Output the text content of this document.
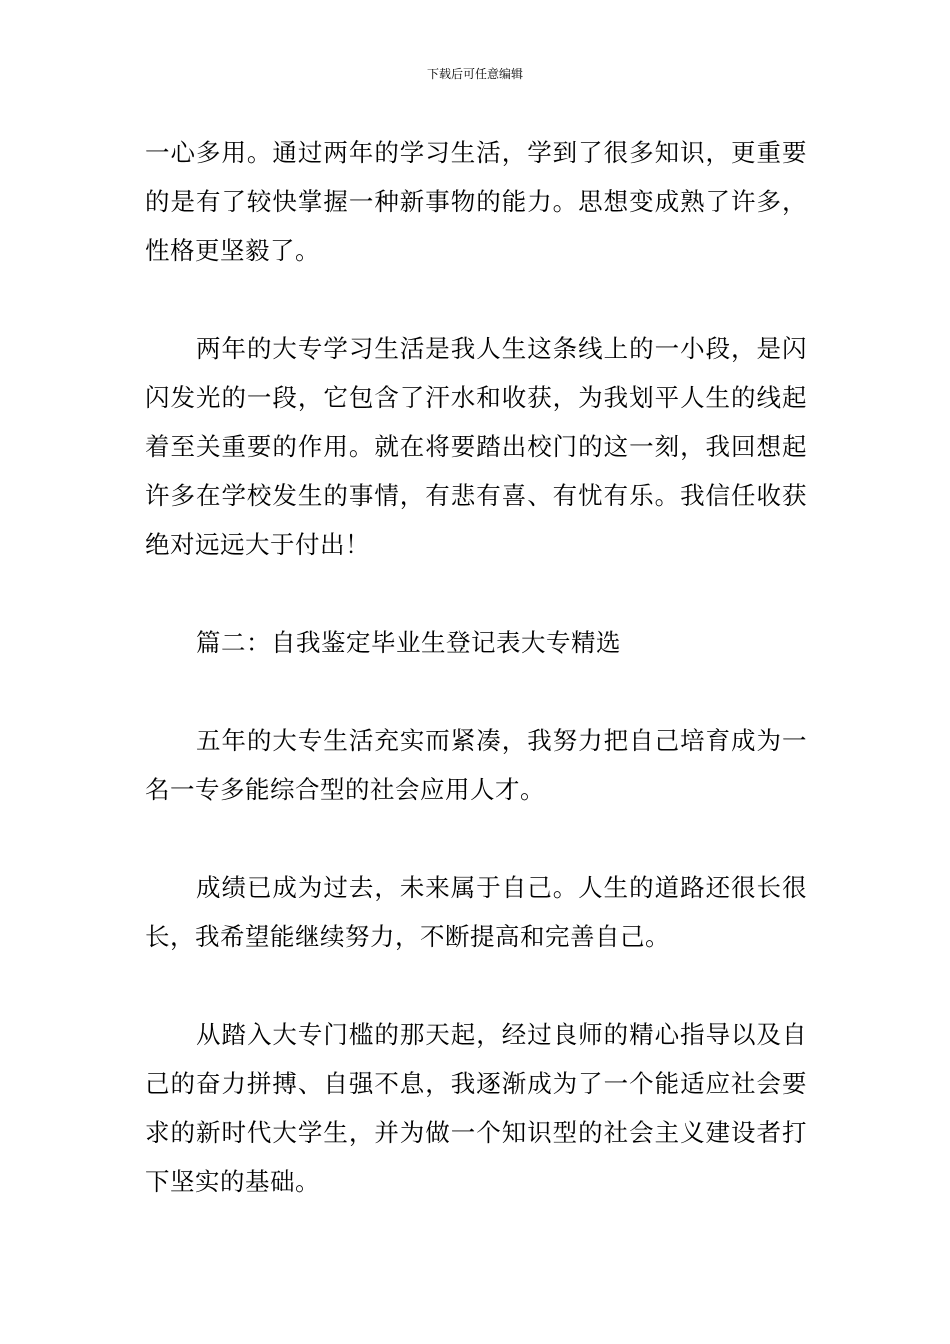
下载后可任意编辑

一心多用。通过两年的学习生活，学到了很多知识，更重要的是有了较快掌握一种新事物的能力。思想变成熟了许多，性格更坚毅了。

两年的大专学习生活是我人生这条线上的一小段，是闪闪发光的一段，它包含了汗水和收获，为我划平人生的线起着至关重要的作用。就在将要踏出校门的这一刻，我回想起许多在学校发生的事情，有悲有喜、有忧有乐。我信任收获绝对远远大于付出！

篇二：自我鉴定毕业生登记表大专精选

五年的大专生活充实而紧凑，我努力把自己培育成为一名一专多能综合型的社会应用人才。

成绩已成为过去，未来属于自己。人生的道路还很长很长，我希望能继续努力，不断提高和完善自己。

从踏入大专门槛的那天起，经过良师的精心指导以及自己的奋力拼搏、自强不息，我逐渐成为了一个能适应社会要求的新时代大学生，并为做一个知识型的社会主义建设者打下坚实的基础。
